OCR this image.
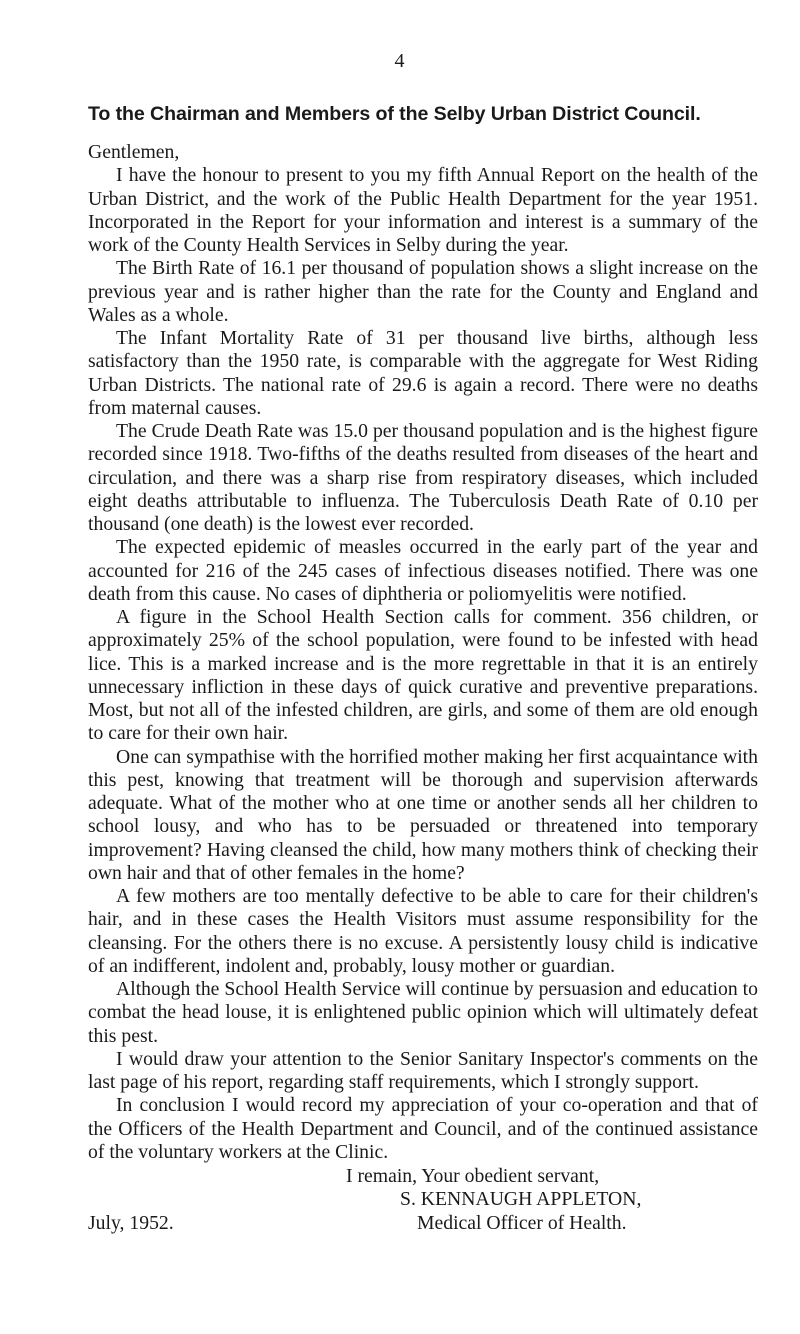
4
To the Chairman and Members of the Selby Urban District Council.

Gentlemen,

I have the honour to present to you my fifth Annual Report on the health of the Urban District, and the work of the Public Health Department for the year 1951. Incorporated in the Report for your information and interest is a summary of the work of the County Health Services in Selby during the year.

The Birth Rate of 16.1 per thousand of population shows a slight increase on the previous year and is rather higher than the rate for the County and England and Wales as a whole.

The Infant Mortality Rate of 31 per thousand live births, although less satisfactory than the 1950 rate, is comparable with the aggregate for West Riding Urban Districts. The national rate of 29.6 is again a record. There were no deaths from maternal causes.

The Crude Death Rate was 15.0 per thousand population and is the highest figure recorded since 1918. Two-fifths of the deaths resulted from diseases of the heart and circulation, and there was a sharp rise from respiratory diseases, which included eight deaths attributable to influenza. The Tuberculosis Death Rate of 0.10 per thousand (one death) is the lowest ever recorded.

The expected epidemic of measles occurred in the early part of the year and accounted for 216 of the 245 cases of infectious diseases notified. There was one death from this cause. No cases of diphtheria or poliomyelitis were notified.

A figure in the School Health Section calls for comment. 356 children, or approximately 25% of the school population, were found to be infested with head lice. This is a marked increase and is the more regrettable in that it is an entirely unnecessary infliction in these days of quick curative and preventive preparations. Most, but not all of the infested children, are girls, and some of them are old enough to care for their own hair.

One can sympathise with the horrified mother making her first acquaintance with this pest, knowing that treatment will be thorough and supervision afterwards adequate. What of the mother who at one time or another sends all her children to school lousy, and who has to be persuaded or threatened into temporary improvement? Having cleansed the child, how many mothers think of checking their own hair and that of other females in the home?

A few mothers are too mentally defective to be able to care for their children's hair, and in these cases the Health Visitors must assume responsibility for the cleansing. For the others there is no excuse. A persistently lousy child is indicative of an indifferent, indolent and, probably, lousy mother or guardian.

Although the School Health Service will continue by persuasion and education to combat the head louse, it is enlightened public opinion which will ultimately defeat this pest.

I would draw your attention to the Senior Sanitary Inspector's comments on the last page of his report, regarding staff requirements, which I strongly support.

In conclusion I would record my appreciation of your co-operation and that of the Officers of the Health Department and Council, and of the continued assistance of the voluntary workers at the Clinic.

I remain, Your obedient servant,
S. KENNAUGH APPLETON,
July, 1952.	Medical Officer of Health.
